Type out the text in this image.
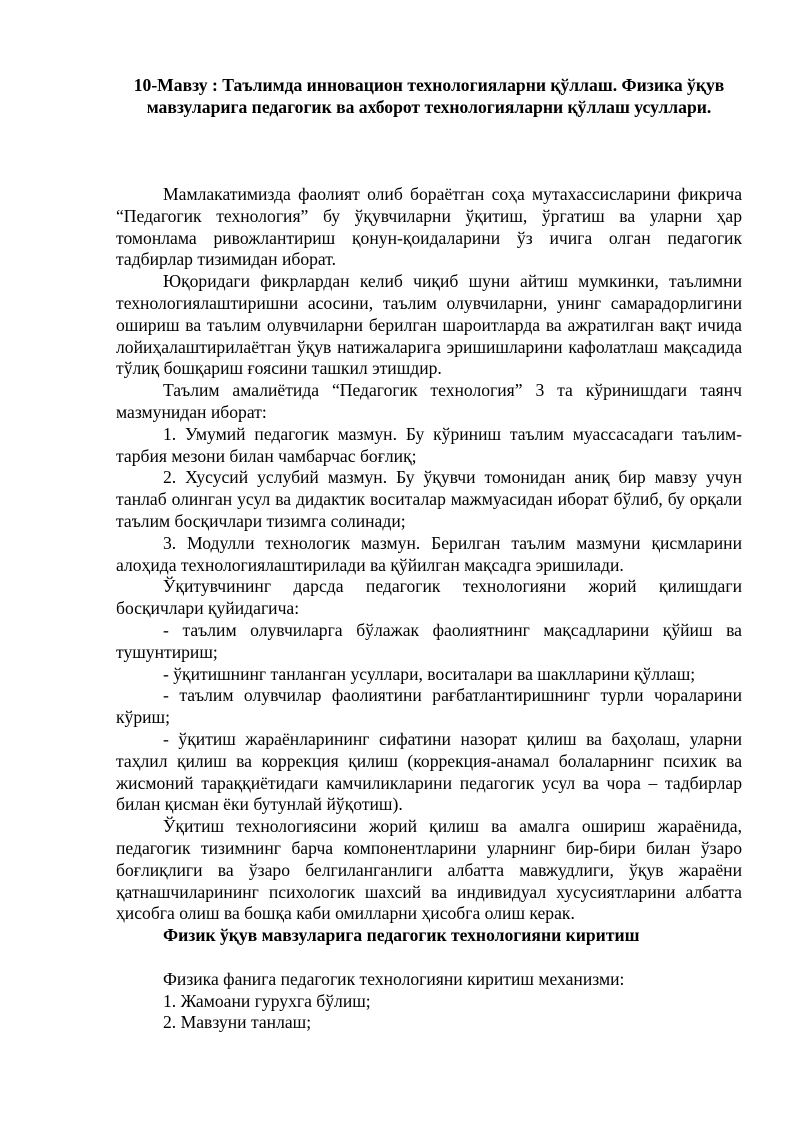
10-Мавзу : Таълимда инновацион технологияларни қўллаш. Физика ўқув мавзуларига педагогик ва ахборот технологияларни қўллаш усуллари.

Мамлакатимизда фаолият олиб бораётган соҳа мутахассисларини фикрича “Педагогик технология” бу ўқувчиларни ўқитиш, ўргатиш ва уларни ҳар томонлама ривожлантириш қонун-қоидаларини ўз ичига олган педагогик тадбирлар тизимидан иборат.

Юқоридаги фикрлардан келиб чиқиб шуни айтиш мумкинки, таълимни технологиялаштиришни асосини, таълим олувчиларни, унинг самарадорлигини ошириш ва таълим олувчиларни берилган шароитларда ва ажратилган вақт ичида лойиҳалаштирилаётган ўқув натижаларига эришишларини кафолатлаш мақсадида тўлиқ бошқариш ғоясини ташкил этишдир.

Таълим амалиётида “Педагогик технология” 3 та кўринишдаги таянч мазмунидан иборат:

1. Умумий педагогик мазмун. Бу кўриниш таълим муассасадаги таълим-тарбия мезони билан чамбарчас боғлиқ;

2. Хусусий услубий мазмун. Бу ўқувчи томонидан аниқ бир мавзу учун танлаб олинган усул ва дидактик воситалар мажмуасидан иборат бўлиб, бу орқали таълим босқичлари тизимга солинади;

3. Модулли технологик мазмун. Берилган таълим мазмуни қисмларини алоҳида технологиялаштирилади ва қўйилган мақсадга эришилади.

Ўқитувчининг дарсда педагогик технологияни жорий қилишдаги босқичлари қуйидагича:

- таълим олувчиларга бўлажак фаолиятнинг мақсадларини қўйиш ва тушунтириш;

- ўқитишнинг танланган усуллари, воситалари ва шаклларини қўллаш;

- таълим олувчилар фаолиятини рағбатлантиришнинг турли чораларини кўриш;

- ўқитиш жараёнларининг сифатини назорат қилиш ва баҳолаш, уларни таҳлил қилиш ва коррекция қилиш (коррекция-анамал болаларнинг психик ва жисмоний тараққиётидаги камчиликларини педагогик усул ва чора – тадбирлар билан қисман ёки бутунлай йўқотиш).

Ўқитиш технологиясини жорий қилиш ва амалга ошириш жараёнида, педагогик тизимнинг барча компонентларини уларнинг бир-бири билан ўзаро боғлиқлиги ва ўзаро белгиланганлиги албатта мавжудлиги, ўқув жараёни қатнашчиларининг психологик шахсий ва индивидуал хусусиятларини албатта ҳисобга олиш ва бошқа каби омилларни ҳисобга олиш керак.

Физик ўқув мавзуларига педагогик технологияни киритиш

Физика фанига педагогик технологияни киритиш механизми:

1. Жамоани гурухга бўлиш;

2. Мавзуни танлаш;
